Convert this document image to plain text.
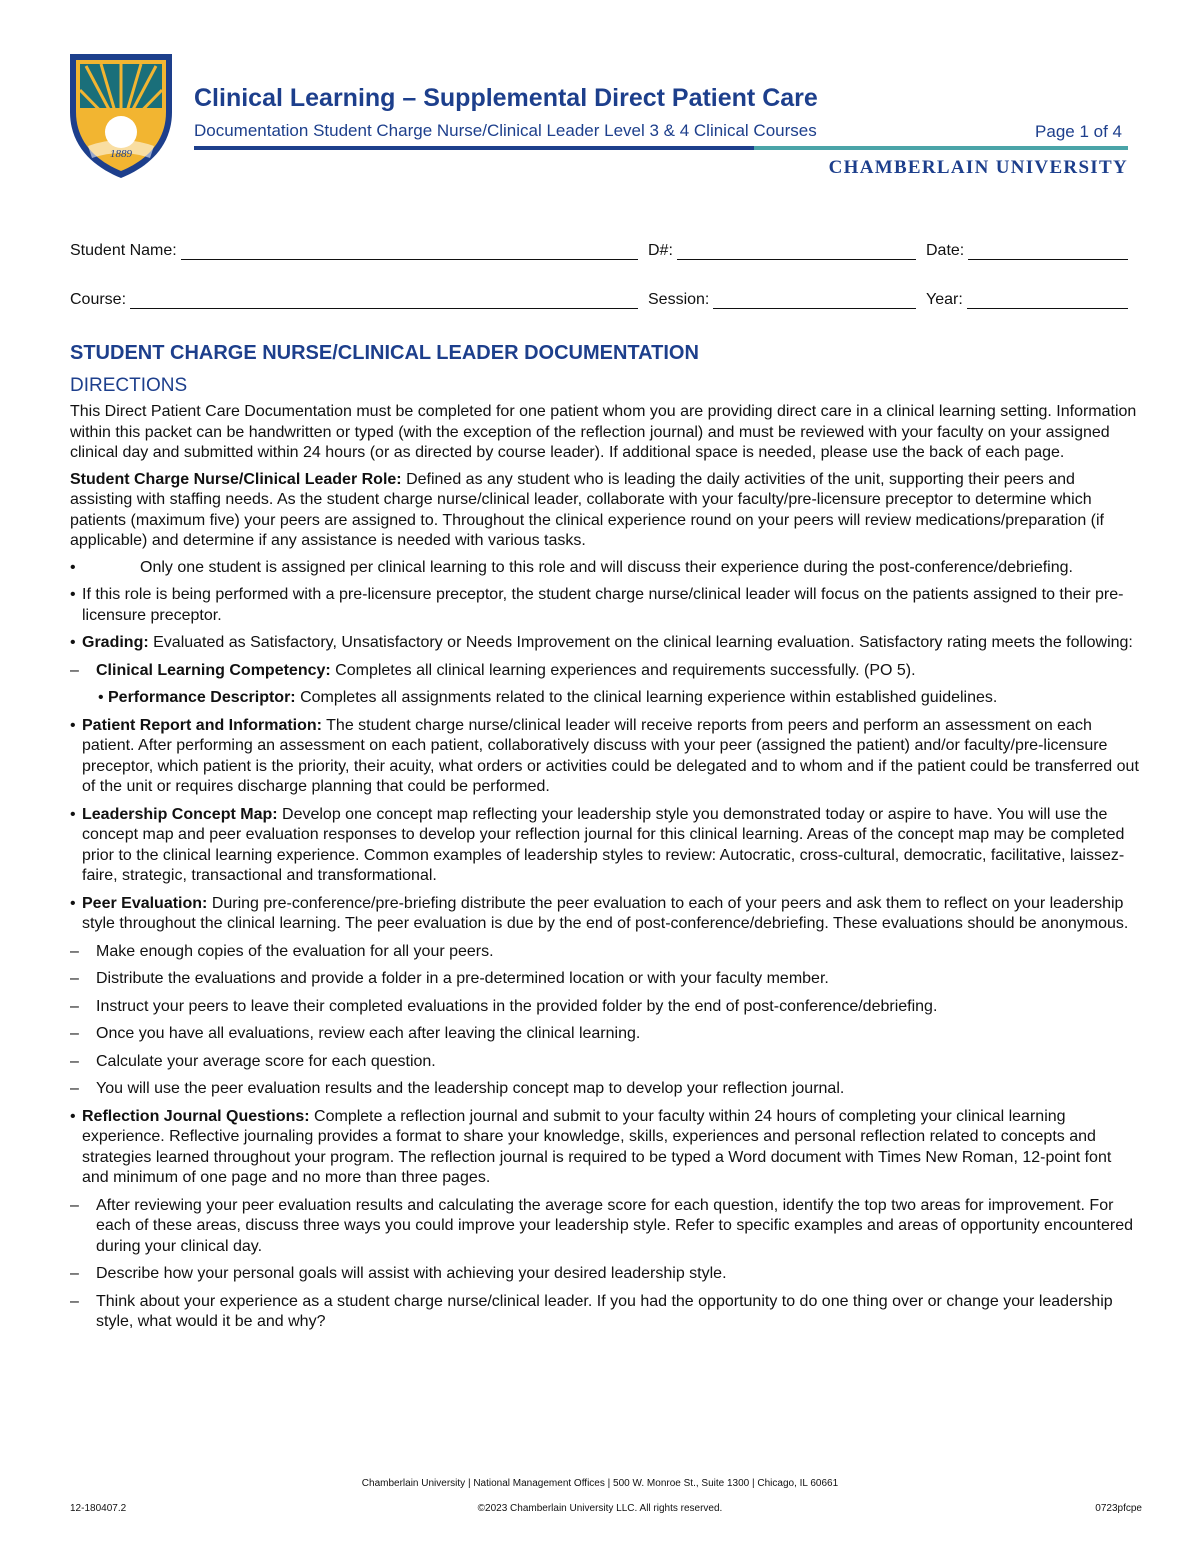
1889
Clinical Learning – Supplemental Direct Patient Care
Documentation Student Charge Nurse/Clinical Leader Level 3 & 4 Clinical Courses	Page 1 of 4
CHAMBERLAIN UNIVERSITY
Student Name:	D#:	Date:
Course:	Session:	Year:
STUDENT CHARGE NURSE/CLINICAL LEADER DOCUMENTATION
DIRECTIONS

This Direct Patient Care Documentation must be completed for one patient whom you are providing direct care in a clinical learning setting. Information within this packet can be handwritten or typed (with the exception of the reflection journal) and must be reviewed with your faculty on your assigned clinical day and submitted within 24 hours (or as directed by course leader). If additional space is needed, please use the back of each page.

Student Charge Nurse/Clinical Leader Role: Defined as any student who is leading the daily activities of the unit, supporting their peers and assisting with staffing needs. As the student charge nurse/clinical leader, collaborate with your faculty/pre-licensure preceptor to determine which patients (maximum five) your peers are assigned to. Throughout the clinical experience round on your peers will review medications/preparation (if applicable) and determine if any assistance is needed with various tasks.

•	Only one student is assigned per clinical learning to this role and will discuss their experience during the post-conference/debriefing.
• If this role is being performed with a pre-licensure preceptor, the student charge nurse/clinical leader will focus on the patients assigned to their pre-licensure preceptor.
• Grading: Evaluated as Satisfactory, Unsatisfactory or Needs Improvement on the clinical learning evaluation. Satisfactory rating meets the following:
– Clinical Learning Competency: Completes all clinical learning experiences and requirements successfully. (PO 5).
• Performance Descriptor: Completes all assignments related to the clinical learning experience within established guidelines.
• Patient Report and Information: The student charge nurse/clinical leader will receive reports from peers and perform an assessment on each patient. After performing an assessment on each patient, collaboratively discuss with your peer (assigned the patient) and/or faculty/pre-licensure preceptor, which patient is the priority, their acuity, what orders or activities could be delegated and to whom and if the patient could be transferred out of the unit or requires discharge planning that could be performed.
• Leadership Concept Map: Develop one concept map reflecting your leadership style you demonstrated today or aspire to have. You will use the concept map and peer evaluation responses to develop your reflection journal for this clinical learning. Areas of the concept map may be completed prior to the clinical learning experience. Common examples of leadership styles to review: Autocratic, cross-cultural, democratic, facilitative, laissez-faire, strategic, transactional and transformational.
• Peer Evaluation: During pre-conference/pre-briefing distribute the peer evaluation to each of your peers and ask them to reflect on your leadership style throughout the clinical learning. The peer evaluation is due by the end of post-conference/debriefing. These evaluations should be anonymous.
– Make enough copies of the evaluation for all your peers.
– Distribute the evaluations and provide a folder in a pre-determined location or with your faculty member.
– Instruct your peers to leave their completed evaluations in the provided folder by the end of post-conference/debriefing.
– Once you have all evaluations, review each after leaving the clinical learning.
– Calculate your average score for each question.
– You will use the peer evaluation results and the leadership concept map to develop your reflection journal.
• Reflection Journal Questions: Complete a reflection journal and submit to your faculty within 24 hours of completing your clinical learning experience. Reflective journaling provides a format to share your knowledge, skills, experiences and personal reflection related to concepts and strategies learned throughout your program. The reflection journal is required to be typed a Word document with Times New Roman, 12-point font and minimum of one page and no more than three pages.
– After reviewing your peer evaluation results and calculating the average score for each question, identify the top two areas for improvement. For each of these areas, discuss three ways you could improve your leadership style. Refer to specific examples and areas of opportunity encountered during your clinical day.
– Describe how your personal goals will assist with achieving your desired leadership style.
– Think about your experience as a student charge nurse/clinical leader. If you had the opportunity to do one thing over or change your leadership style, what would it be and why?
Chamberlain University | National Management Offices | 500 W. Monroe St., Suite 1300 | Chicago, IL 60661
12-180407.2	©2023 Chamberlain University LLC. All rights reserved.	0723pfcpe
